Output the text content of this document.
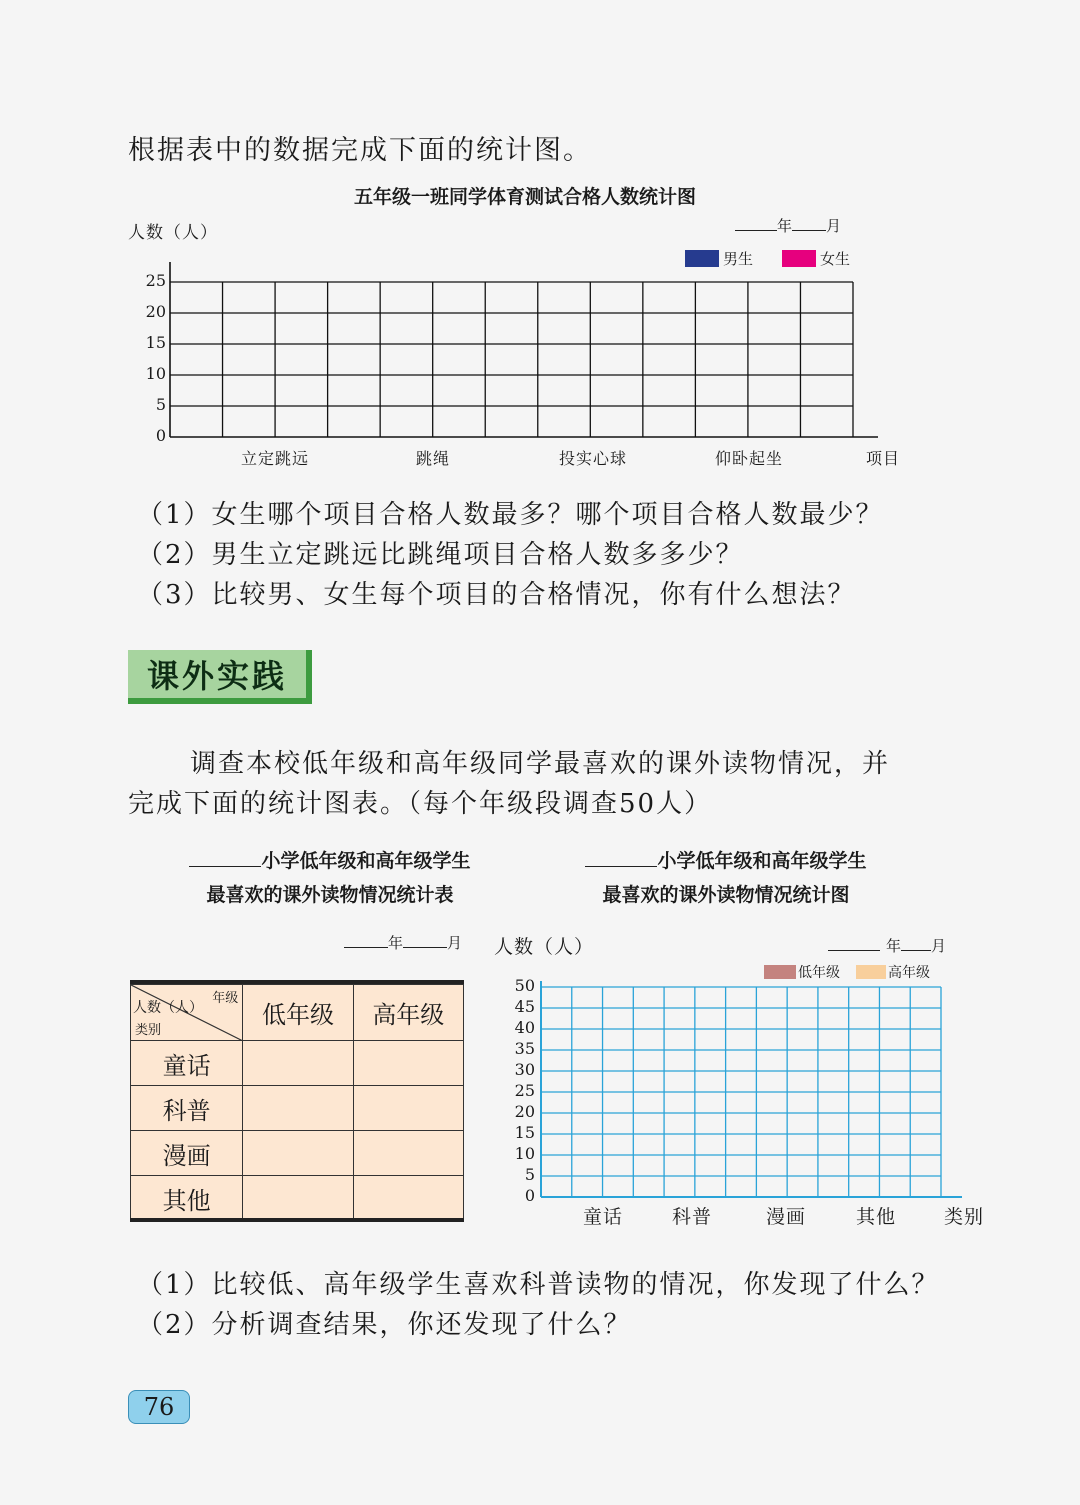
根据表中的数据完成下面的统计图。
五年级一班同学体育测试合格人数统计图
人数（人）	年 月
男生	女生
0
5
10
15
20
25
立定跳远	跳绳	投实心球	仰卧起坐	项目
（1）女生哪个项目合格人数最多？哪个项目合格人数最少？
（2）男生立定跳远比跳绳项目合格人数多多少？
（3）比较男、女生每个项目的合格情况，你有什么想法？
课外实践
调查本校低年级和高年级同学最喜欢的课外读物情况，并
完成下面的统计图表。（每个年级段调查50人）
小学低年级和高年级学生
最喜欢的课外读物情况统计表
小学低年级和高年级学生
最喜欢的课外读物情况统计图
年	月
年级
人数（人）
类别	低年级	高年级
童话		
科普		
漫画		
其他		
人数（人）	年 月
低年级	高年级
0
5
10
15
20
25
30
35
40
45
50
童话	科普	漫画	其他	类别
（1）比较低、高年级学生喜欢科普读物的情况，你发现了什么？
（2）分析调查结果，你还发现了什么？
76
